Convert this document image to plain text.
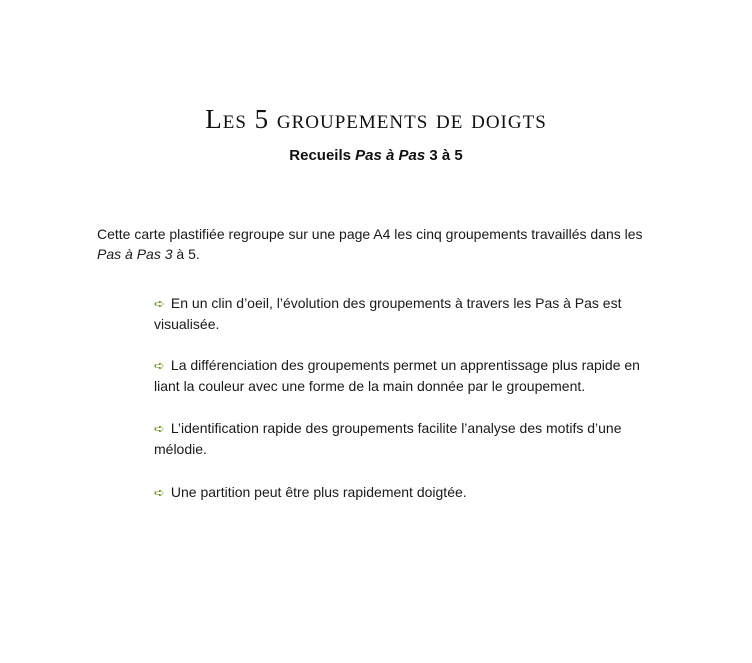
Les 5 groupements de doigts
Recueils Pas à Pas 3 à 5
Cette carte plastifiée regroupe sur une page A4 les cinq groupements travaillés dans les Pas à Pas 3 à 5.
➪ En un clin d’oeil, l’évolution des groupements à travers les Pas à Pas est visualisée.
➪ La différenciation des groupements permet un apprentissage plus rapide en liant la couleur avec une forme de la main donnée par le groupement.
➪ L’identification rapide des groupements facilite l’analyse des motifs d’une mélodie.
➪ Une partition peut être plus rapidement doigtée.
